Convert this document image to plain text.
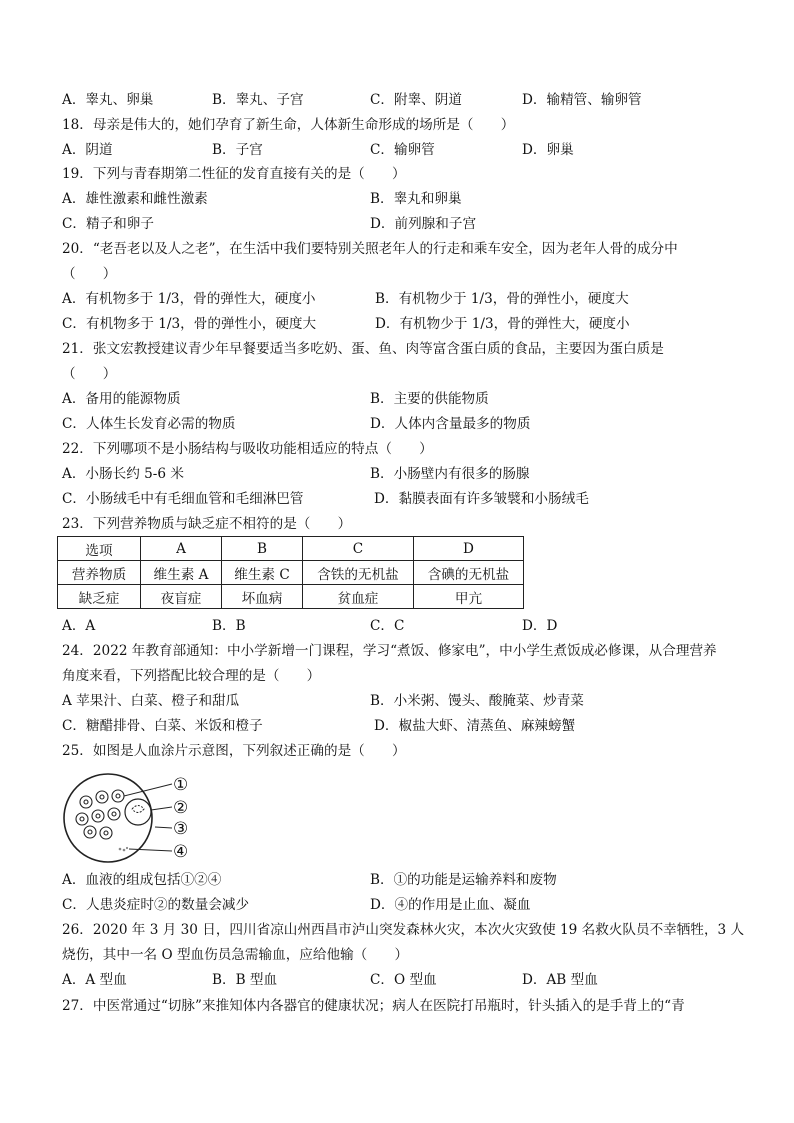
A．睾丸、卵巢	B．睾丸、子宫	C．附睾、阴道	D．输精管、输卵管
18．母亲是伟大的，她们孕育了新生命，人体新生命形成的场所是（　　）
A．阴道	B．子宫	C．输卵管	D．卵巢
19．下列与青春期第二性征的发育直接有关的是（　　）
A．雄性激素和雌性激素	B．睾丸和卵巢
C．精子和卵子	D．前列腺和子宫
20．“老吾老以及人之老”，在生活中我们要特别关照老年人的行走和乘车安全，因为老年人骨的成分中
（　　）
A．有机物多于 1/3，骨的弹性大，硬度小	B．有机物少于 1/3，骨的弹性小，硬度大
C．有机物多于 1/3，骨的弹性小，硬度大	D．有机物少于 1/3，骨的弹性大，硬度小
21．张文宏教授建议青少年早餐要适当多吃奶、蛋、鱼、肉等富含蛋白质的食品，主要因为蛋白质是
（　　）
A．备用的能源物质	B．主要的供能物质
C．人体生长发育必需的物质	D．人体内含量最多的物质
22．下列哪项不是小肠结构与吸收功能相适应的特点（　　）
A．小肠长约 5-6 米	B．小肠壁内有很多的肠腺
C．小肠绒毛中有毛细血管和毛细淋巴管	D．黏膜表面有许多皱襞和小肠绒毛
23．下列营养物质与缺乏症不相符的是（　　）
选项	A	B	C	D
营养物质	维生素 A	维生素 C	含铁的无机盐	含碘的无机盐
缺乏症	夜盲症	坏血病	贫血症	甲亢
A．A	B．B	C．C	D．D
24．2022 年教育部通知：中小学新增一门课程，学习“煮饭、修家电”，中小学生煮饭成必修课，从合理营养
角度来看，下列搭配比较合理的是（　　）
A 苹果汁、白菜、橙子和甜瓜	B．小米粥、馒头、酸腌菜、炒青菜
C．糖醋排骨、白菜、米饭和橙子	D．椒盐大虾、清蒸鱼、麻辣螃蟹
25．如图是人血涂片示意图，下列叙述正确的是（　　）
①
②
③
④
A．血液的组成包括①②④	B．①的功能是运输养料和废物
C．人患炎症时②的数量会减少	D．④的作用是止血、凝血
26．2020 年 3 月 30 日，四川省凉山州西昌市泸山突发森林火灾，本次火灾致使 19 名救火队员不幸牺牲，3 人
烧伤，其中一名 O 型血伤员急需输血，应给他输（　　）
A．A 型血	B．B 型血	C．O 型血	D．AB 型血
27．中医常通过“切脉”来推知体内各器官的健康状况；病人在医院打吊瓶时，针头插入的是手背上的“青
